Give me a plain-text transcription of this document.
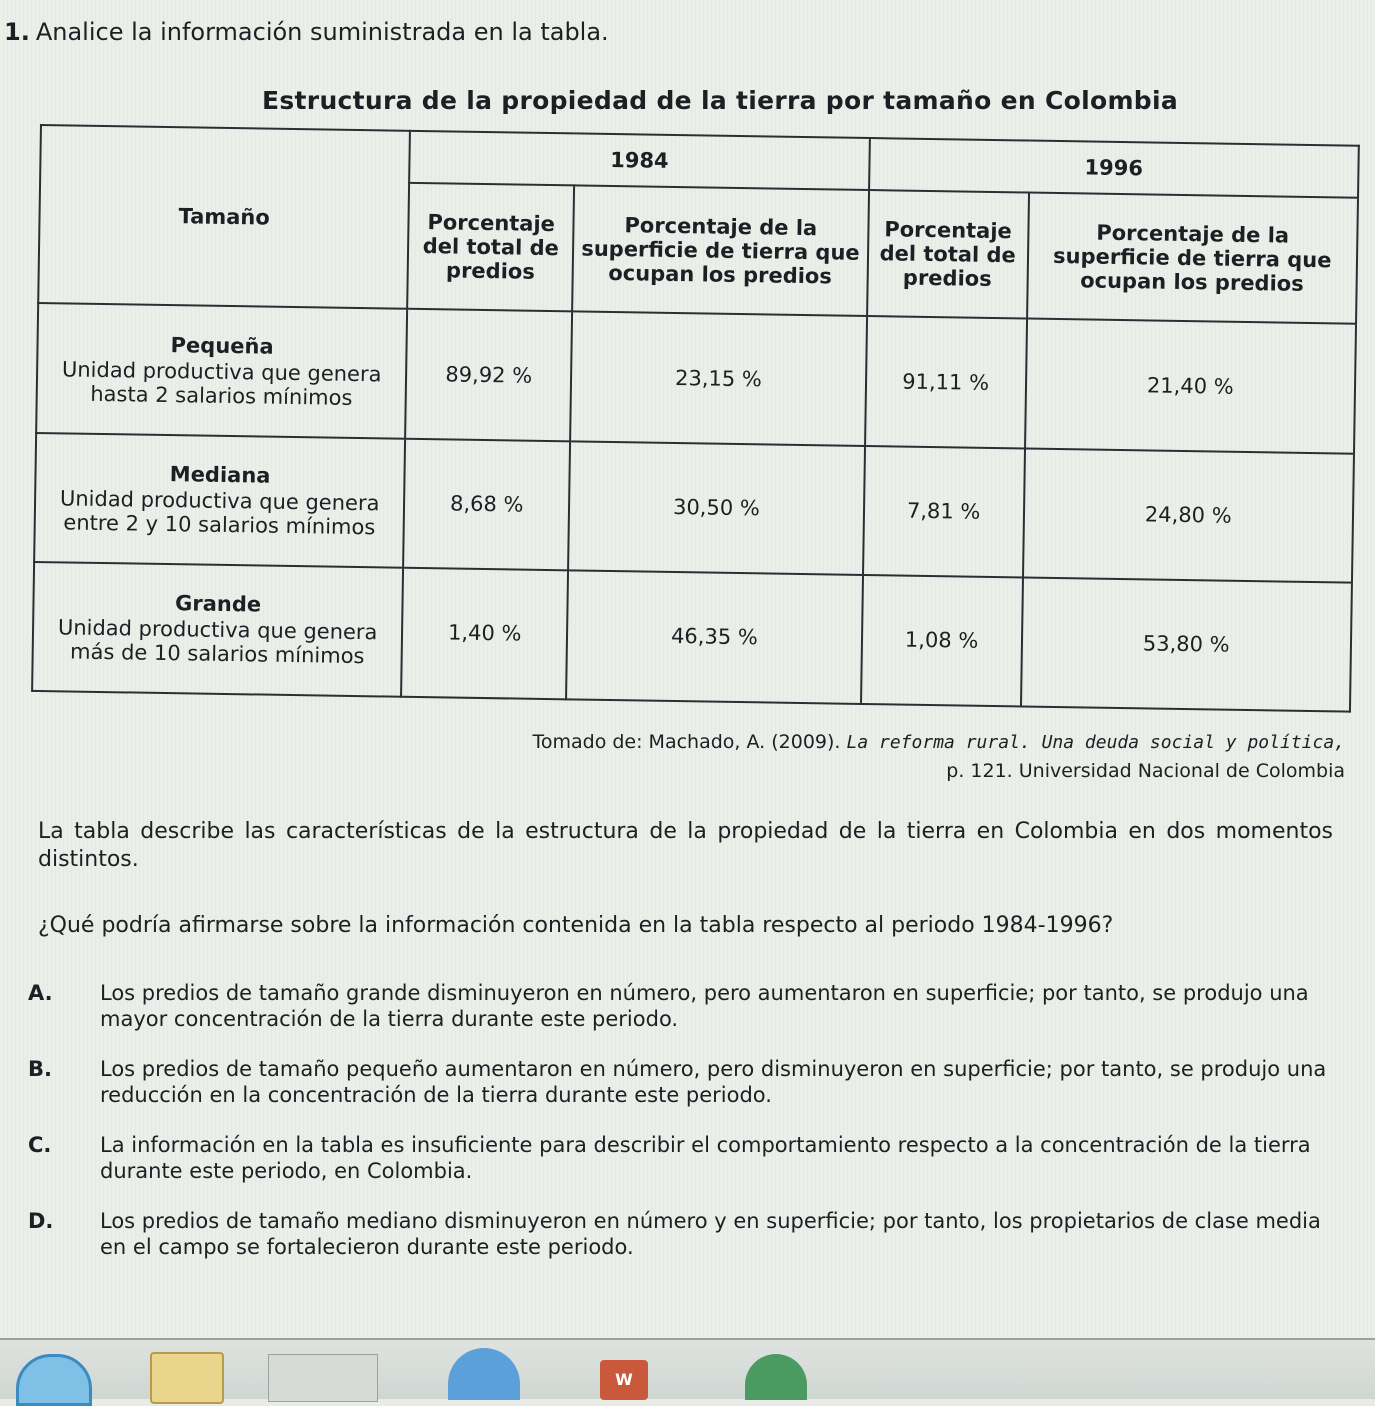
1. Analice la información suministrada en la tabla.
Estructura de la propiedad de la tierra por tamaño en Colombia
Tamaño	1984		1996	
	Porcentaje del total de predios	Porcentaje de la superficie de tierra que ocupan los predios	Porcentaje del total de predios	Porcentaje de la superficie de tierra que ocupan los predios

Pequeña
Unidad productiva que genera hasta 2 salarios mínimos	89,92 %	23,15 %	91,11 %	21,40 %

Mediana
Unidad productiva que genera entre 2 y 10 salarios mínimos	8,68 %	30,50 %	7,81 %	24,80 %

Grande
Unidad productiva que genera más de 10 salarios mínimos	1,40 %	46,35 %	1,08 %	53,80 %
Tomado de: Machado, A. (2009). La reforma rural. Una deuda social y política,
p. 121. Universidad Nacional de Colombia
La tabla describe las características de la estructura de la propiedad de la tierra en Colombia en dos momentos distintos.
¿Qué podría afirmarse sobre la información contenida en la tabla respecto al periodo 1984-1996?
A.	Los predios de tamaño grande disminuyeron en número, pero aumentaron en superficie; por tanto, se produjo una mayor concentración de la tierra durante este periodo.
B.	Los predios de tamaño pequeño aumentaron en número, pero disminuyeron en superficie; por tanto, se produjo una reducción en la concentración de la tierra durante este periodo.
C.	La información en la tabla es insuficiente para describir el comportamiento respecto a la concentración de la tierra durante este periodo, en Colombia.
D.	Los predios de tamaño mediano disminuyeron en número y en superficie; por tanto, los propietarios de clase media en el campo se fortalecieron durante este periodo.
W
